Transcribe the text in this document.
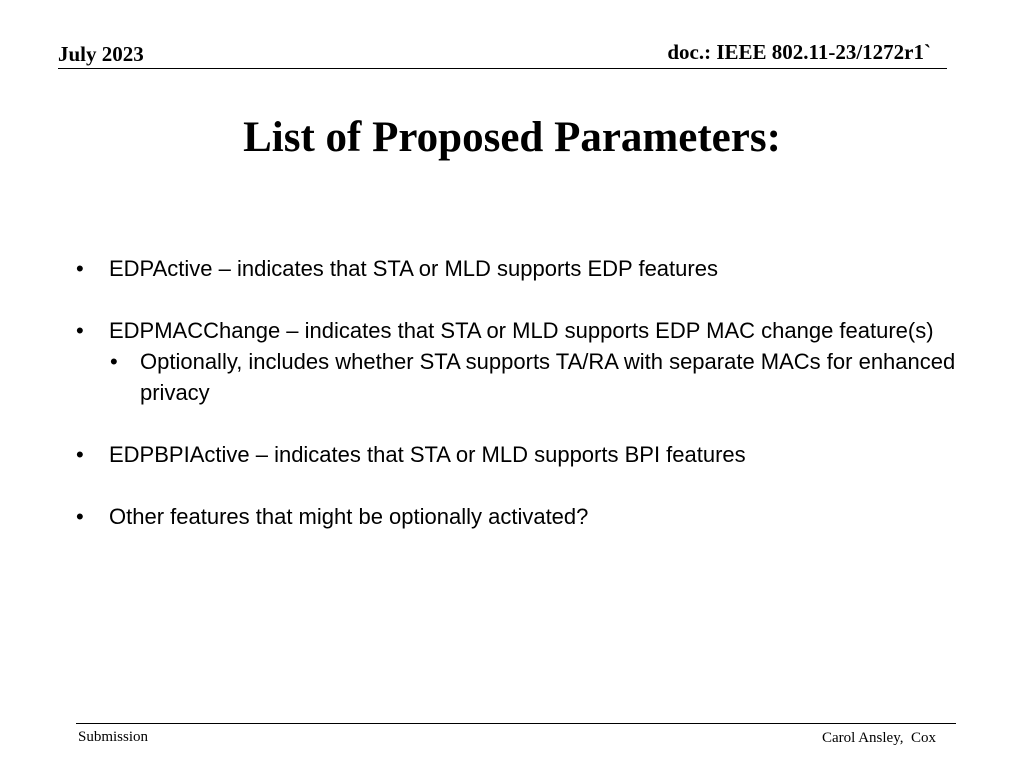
July 2023	doc.: IEEE 802.11-23/1272r1`
List of Proposed Parameters:
• EDPActive – indicates that STA or MLD supports EDP features
• EDPMACChange – indicates that STA or MLD supports EDP MAC change feature(s)
• Optionally, includes whether STA supports TA/RA with separate MACs for enhanced privacy
• EDPBPIActive – indicates that STA or MLD supports BPI features
• Other features that might be optionally activated?
Submission	Carol Ansley,  Cox
